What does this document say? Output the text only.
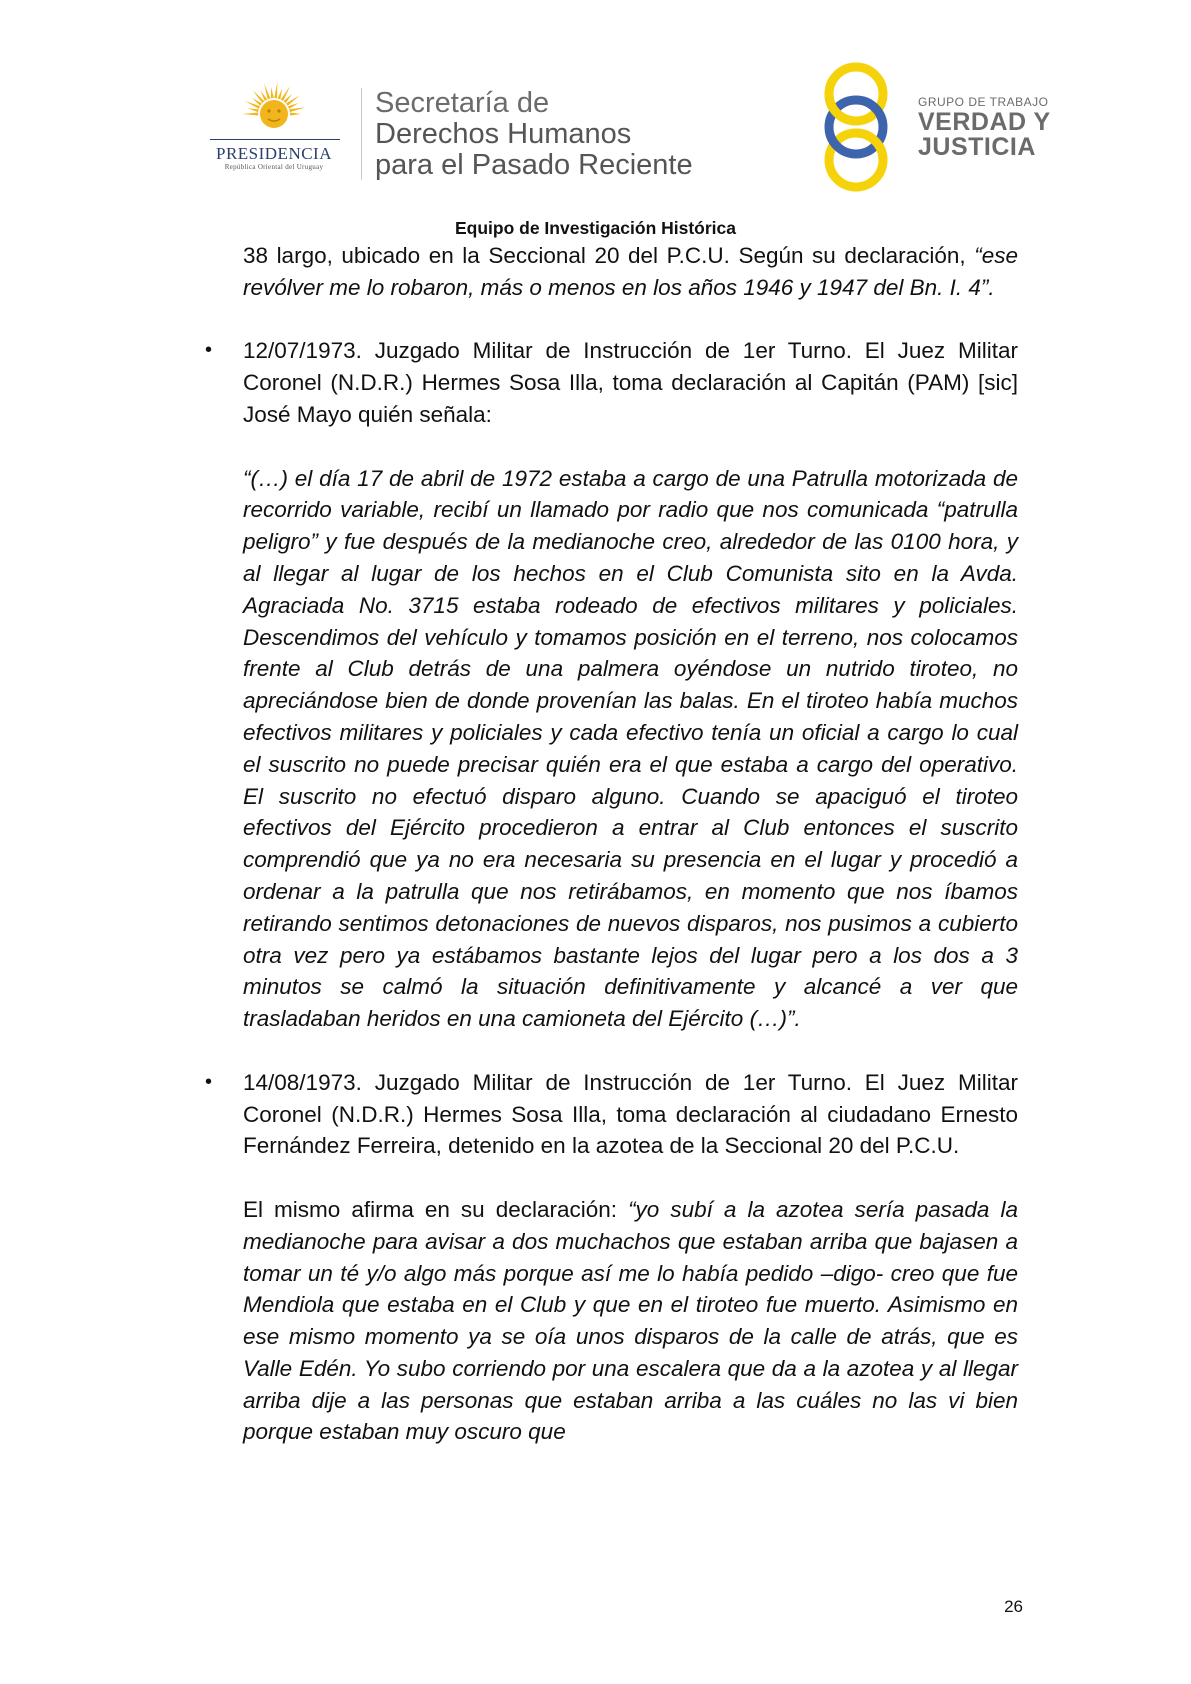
PRESIDENCIA
República Oriental del Uruguay
Secretaría de
Derechos Humanos
para el Pasado Reciente
GRUPO DE TRABAJO
VERDAD Y
JUSTICIA
Equipo de Investigación Histórica

38 largo, ubicado en la Seccional 20 del P.C.U. Según su declaración, “ese revólver me lo robaron, más o menos en los años 1946 y 1947 del Bn. I. 4”.

• 12/07/1973. Juzgado Militar de Instrucción de 1er Turno. El Juez Militar Coronel (N.D.R.) Hermes Sosa Illa, toma declaración al Capitán (PAM) [sic] José Mayo quién señala:

“(…) el día 17 de abril de 1972 estaba a cargo de una Patrulla motorizada de recorrido variable, recibí un llamado por radio que nos comunicada “patrulla peligro” y fue después de la medianoche creo, alrededor de las 0100 hora, y al llegar al lugar de los hechos en el Club Comunista sito en la Avda. Agraciada No. 3715 estaba rodeado de efectivos militares y policiales. Descendimos del vehículo y tomamos posición en el terreno, nos colocamos frente al Club detrás de una palmera oyéndose un nutrido tiroteo, no apreciándose bien de donde provenían las balas. En el tiroteo había muchos efectivos militares y policiales y cada efectivo tenía un oficial a cargo lo cual el suscrito no puede precisar quién era el que estaba a cargo del operativo. El suscrito no efectuó disparo alguno. Cuando se apaciguó el tiroteo efectivos del Ejército procedieron a entrar al Club entonces el suscrito comprendió que ya no era necesaria su presencia en el lugar y procedió a ordenar a la patrulla que nos retirábamos, en momento que nos íbamos retirando sentimos detonaciones de nuevos disparos, nos pusimos a cubierto otra vez pero ya estábamos bastante lejos del lugar pero a los dos a 3 minutos se calmó la situación definitivamente y alcancé a ver que trasladaban heridos en una camioneta del Ejército (…)”.

• 14/08/1973. Juzgado Militar de Instrucción de 1er Turno. El Juez Militar Coronel (N.D.R.) Hermes Sosa Illa, toma declaración al ciudadano Ernesto Fernández Ferreira, detenido en la azotea de la Seccional 20 del P.C.U.

El mismo afirma en su declaración: “yo subí a la azotea sería pasada la medianoche para avisar a dos muchachos que estaban arriba que bajasen a tomar un té y/o algo más porque así me lo había pedido –digo- creo que fue Mendiola que estaba en el Club y que en el tiroteo fue muerto. Asimismo en ese mismo momento ya se oía unos disparos de la calle de atrás, que es Valle Edén. Yo subo corriendo por una escalera que da a la azotea y al llegar arriba dije a las personas que estaban arriba a las cuáles no las vi bien porque estaban muy oscuro que

26
